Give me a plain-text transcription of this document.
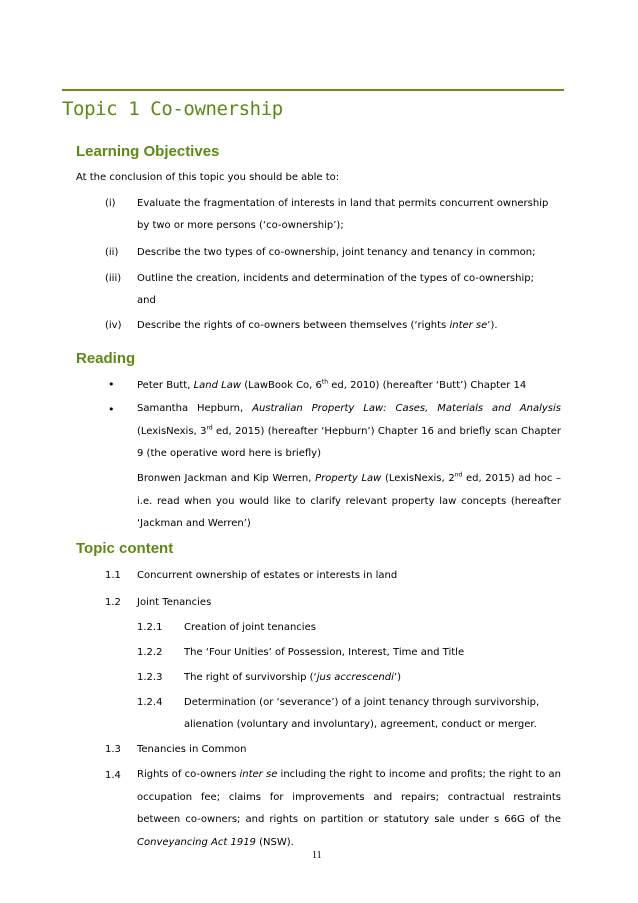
Topic 1 Co-ownership
Learning Objectives
At the conclusion of this topic you should be able to:
(i) Evaluate the fragmentation of interests in land that permits concurrent ownership
by two or more persons (‘co-ownership’);
(ii) Describe the two types of co-ownership, joint tenancy and tenancy in common;
(iii) Outline the creation, incidents and determination of the types of co-ownership;
and
(iv) Describe the rights of co-owners between themselves (‘rights inter se’).
Reading
• Peter Butt, Land Law (LawBook Co, 6th ed, 2010) (hereafter ‘Butt’) Chapter 14
• Samantha Hepburn, Australian Property Law: Cases, Materials and Analysis (LexisNexis, 3rd ed, 2015) (hereafter ‘Hepburn’) Chapter 16 and briefly scan Chapter 9 (the operative word here is briefly)
Bronwen Jackman and Kip Werren, Property Law (LexisNexis, 2nd ed, 2015) ad hoc – i.e. read when you would like to clarify relevant property law concepts (hereafter ‘Jackman and Werren’)
Topic content
1.1 Concurrent ownership of estates or interests in land
1.2 Joint Tenancies
1.2.1 Creation of joint tenancies
1.2.2 The ‘Four Unities’ of Possession, Interest, Time and Title
1.2.3 The right of survivorship (‘jus accrescendi’)
1.2.4 Determination (or ‘severance’) of a joint tenancy through survivorship,
alienation (voluntary and involuntary), agreement, conduct or merger.
1.3 Tenancies in Common
1.4 Rights of co-owners inter se including the right to income and profits; the right to an occupation fee; claims for improvements and repairs; contractual restraints between co-owners; and rights on partition or statutory sale under s 66G of the Conveyancing Act 1919 (NSW).
11
